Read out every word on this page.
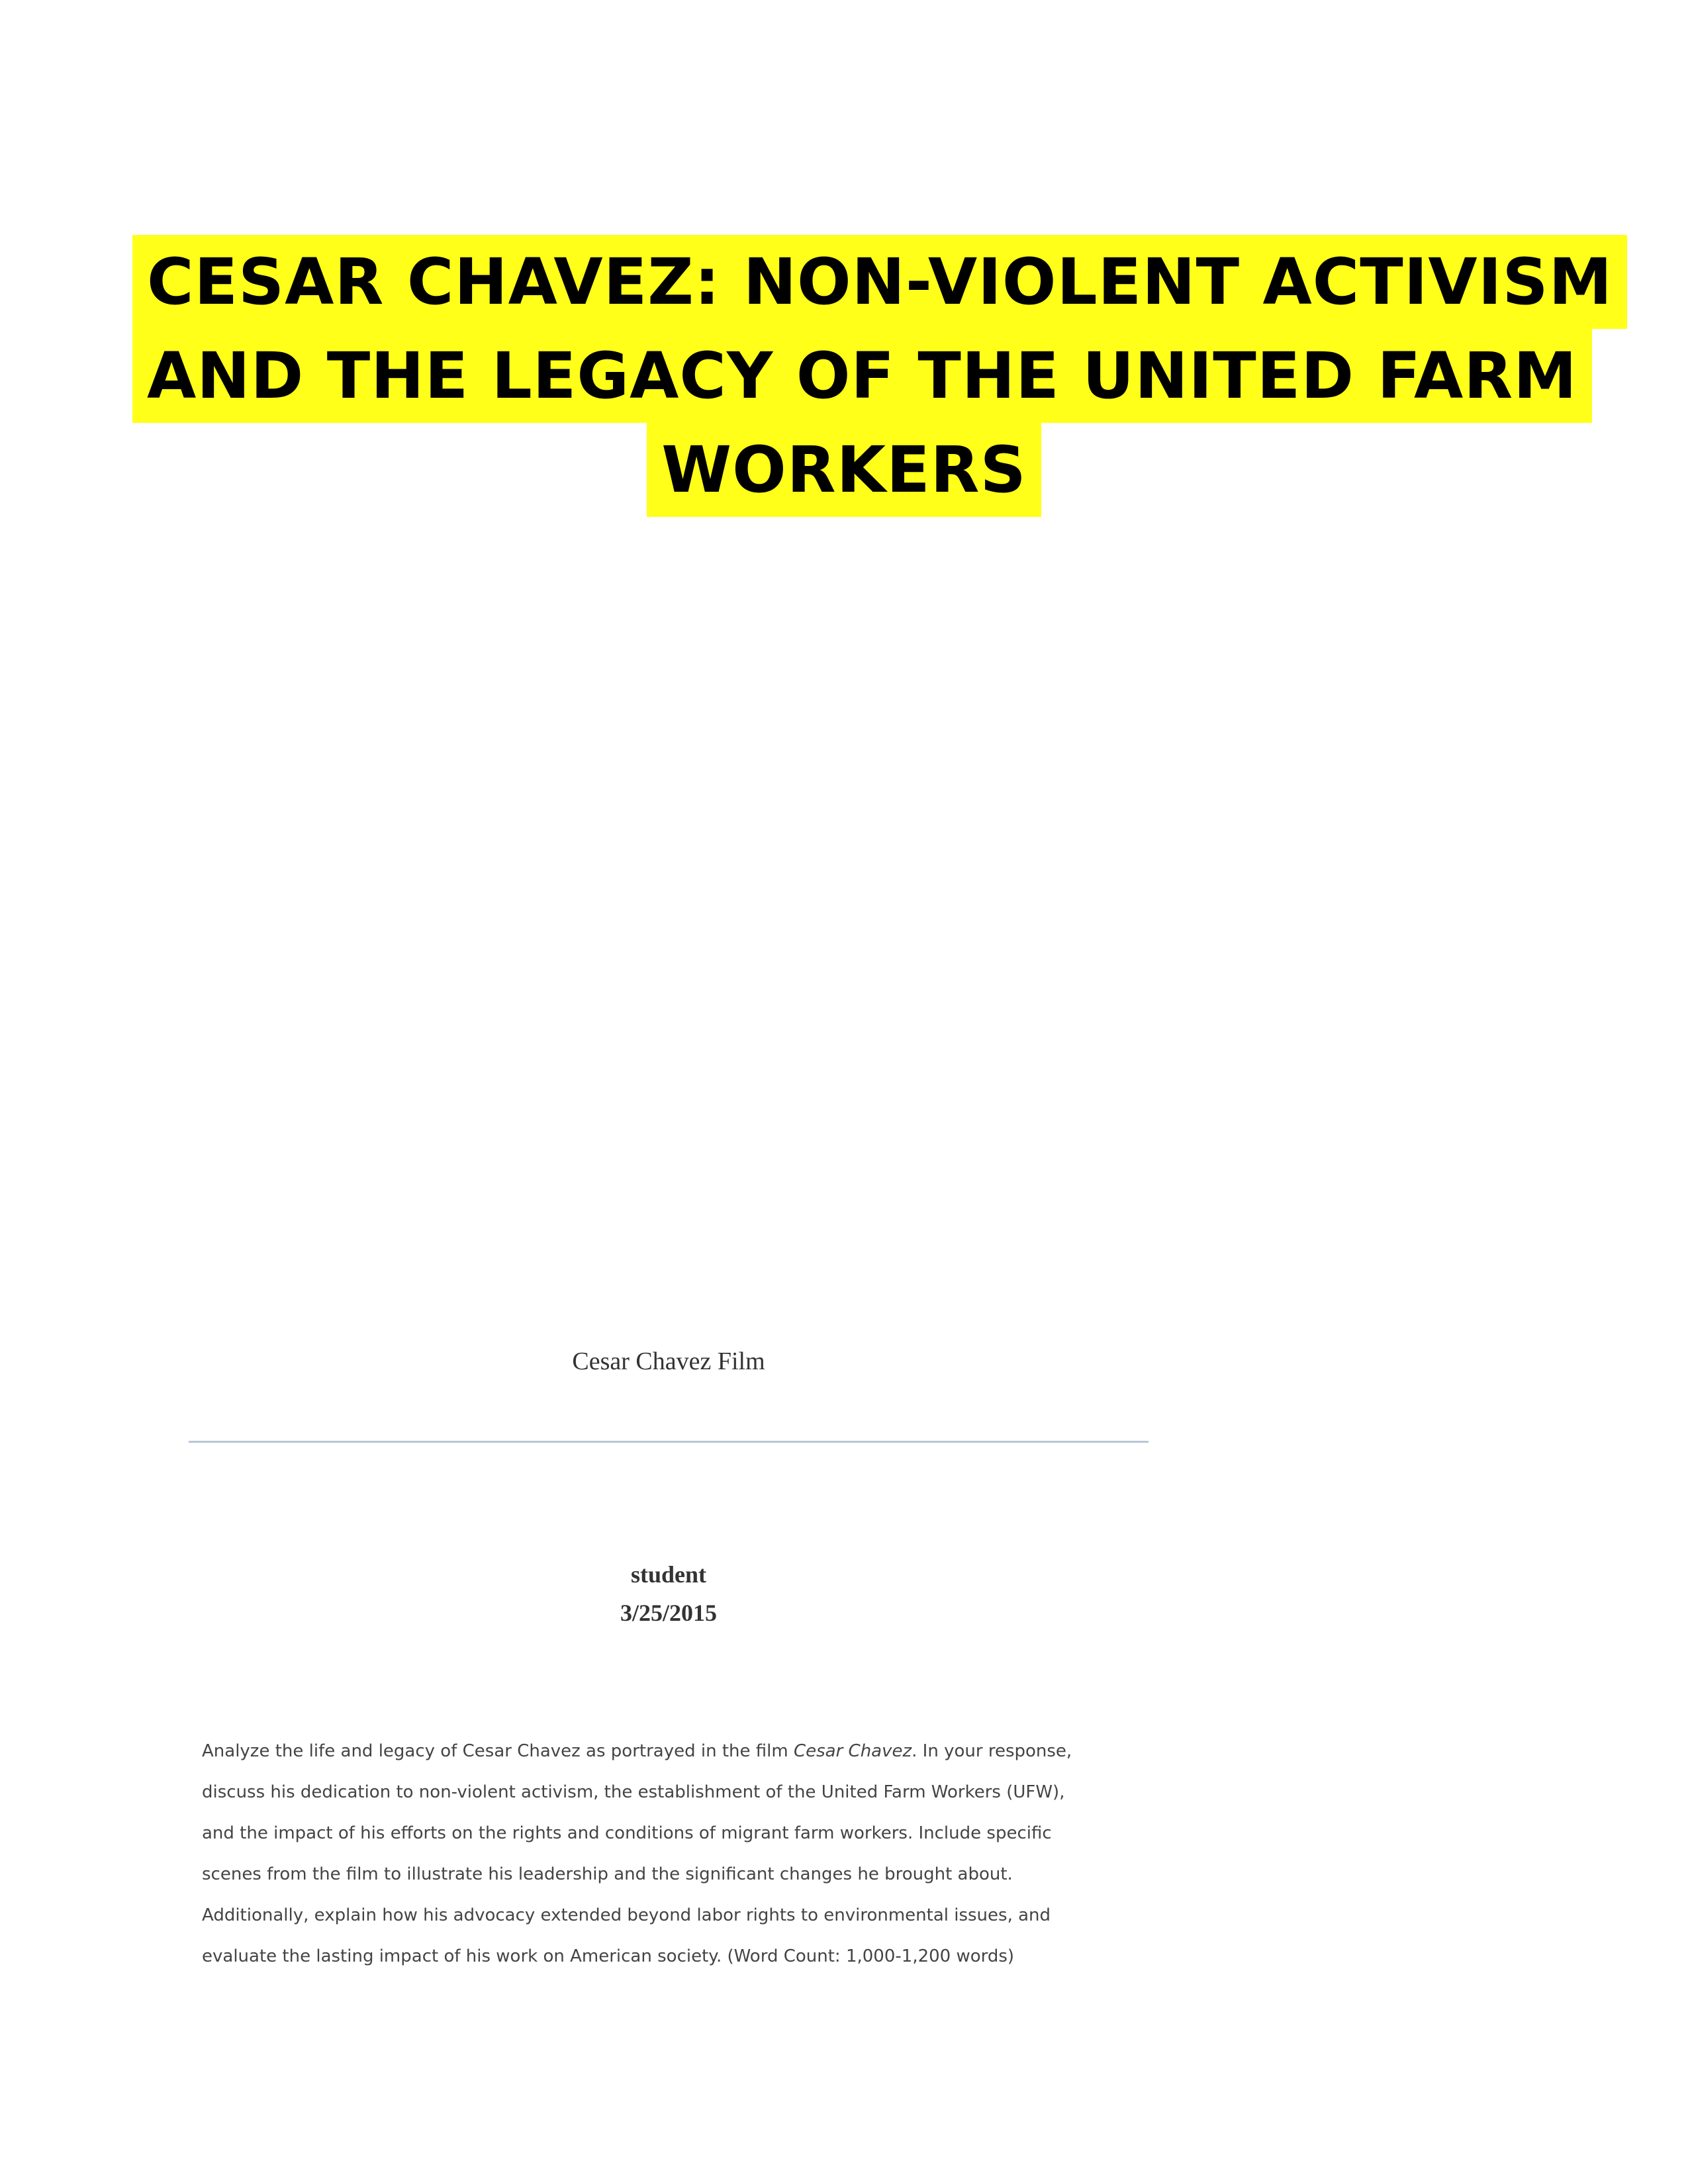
CESAR CHAVEZ: NON-VIOLENT ACTIVISM
AND THE LEGACY OF THE UNITED FARM
WORKERS
Cesar Chavez Film
student
3/25/2015
Analyze the life and legacy of Cesar Chavez as portrayed in the film Cesar Chavez. In your response,
discuss his dedication to non-violent activism, the establishment of the United Farm Workers (UFW),
and the impact of his efforts on the rights and conditions of migrant farm workers. Include specific
scenes from the film to illustrate his leadership and the significant changes he brought about.
Additionally, explain how his advocacy extended beyond labor rights to environmental issues, and
evaluate the lasting impact of his work on American society. (Word Count: 1,000-1,200 words)
